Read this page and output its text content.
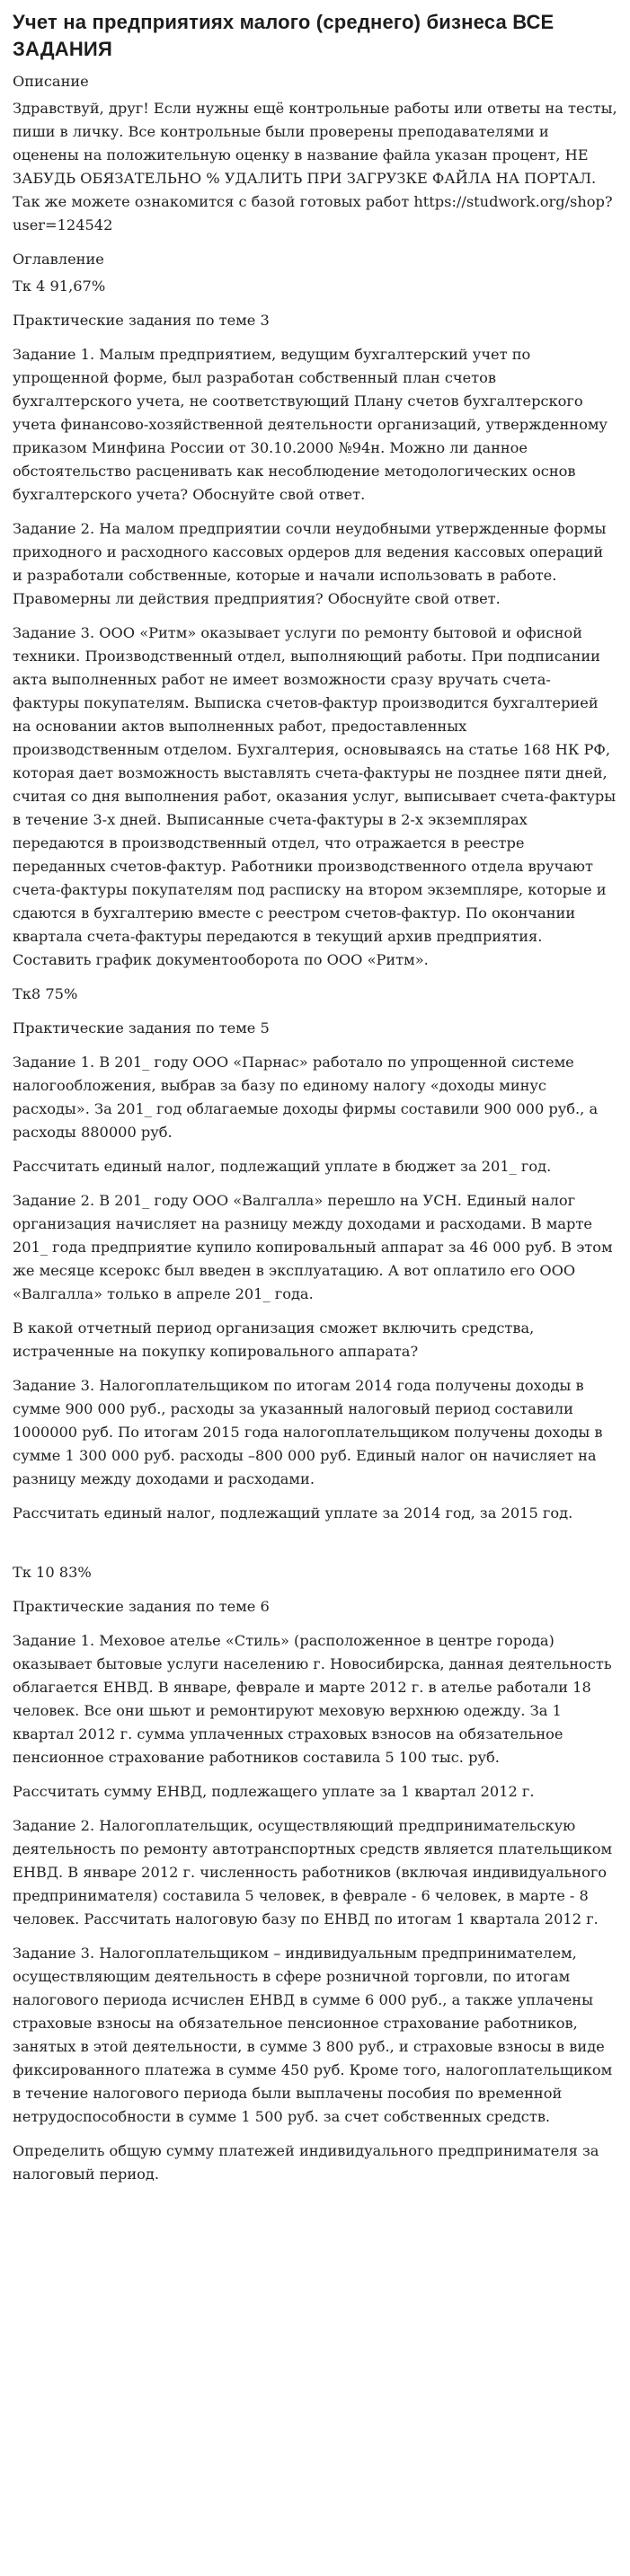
Учет на предприятиях малого (среднего) бизнеса ВСЕ ЗАДАНИЯ
Описание

Здравствуй, друг! Если нужны ещё контрольные работы или ответы на тесты, пиши в личку. Все контрольные были проверены преподавателями и оценены на положительную оценку в название файла указан процент, НЕ ЗАБУДЬ ОБЯЗАТЕЛЬНО % УДАЛИТЬ ПРИ ЗАГРУЗКЕ ФАЙЛА НА ПОРТАЛ. Так же можете ознакомится с базой готовых работ https://studwork.org/shop?user=124542

Оглавление

Тк 4 91,67%

Практические задания по теме 3

Задание 1. Малым предприятием, ведущим бухгалтерский учет по упрощенной форме, был разработан собственный план счетов бухгалтерского учета, не соответствующий Плану счетов бухгалтерского учета финансово-хозяйственной деятельности организаций, утвержденному приказом Минфина России от 30.10.2000 №94н. Можно ли данное обстоятельство расценивать как несоблюдение методологических основ бухгалтерского учета? Обоснуйте свой ответ.

Задание 2. На малом предприятии сочли неудобными утвержденные формы приходного и расходного кассовых ордеров для ведения кассовых операций и разработали собственные, которые и начали использовать в работе. Правомерны ли действия предприятия? Обоснуйте свой ответ.

Задание 3. ООО «Ритм» оказывает услуги по ремонту бытовой и офисной техники. Производственный отдел, выполняющий работы. При подписании акта выполненных работ не имеет возможности сразу вручать счета-фактуры покупателям. Выписка счетов-фактур производится бухгалтерией на основании актов выполненных работ, предоставленных производственным отделом. Бухгалтерия, основываясь на статье 168 НК РФ, которая дает возможность выставлять счета-фактуры не позднее пяти дней, считая со дня выполнения работ, оказания услуг, выписывает счета-фактуры в течение 3-х дней. Выписанные счета-фактуры в 2-х экземплярах передаются в производственный отдел, что отражается в реестре переданных счетов-фактур. Работники производственного отдела вручают счета-фактуры покупателям под расписку на втором экземпляре, которые и сдаются в бухгалтерию вместе с реестром счетов-фактур. По окончании квартала счета-фактуры передаются в текущий архив предприятия. Составить график документооборота по ООО «Ритм».

Тк8 75%

Практические задания по теме 5

Задание 1. В 201_ году ООО «Парнас» работало по упрощенной системе налогообложения, выбрав за базу по единому налогу «доходы минус расходы». За 201_ год облагаемые доходы фирмы составили 900 000 руб., а расходы 880000 руб.

Рассчитать единый налог, подлежащий уплате в бюджет за 201_ год.

Задание 2. В 201_ году ООО «Валгалла» перешло на УСН. Единый налог организация начисляет на разницу между доходами и расходами. В марте 201_ года предприятие купило копировальный аппарат за 46 000 руб. В этом же месяце ксерокс был введен в эксплуатацию. А вот оплатило его ООО «Валгалла» только в апреле 201_ года.

В какой отчетный период организация сможет включить средства, истраченные на покупку копировального аппарата?

Задание 3. Налогоплательщиком по итогам 2014 года получены доходы в сумме 900 000 руб., расходы за указанный налоговый период составили 1000000 руб. По итогам 2015 года налогоплательщиком получены доходы в сумме 1 300 000 руб. расходы –800 000 руб. Единый налог он начисляет на разницу между доходами и расходами.

Рассчитать единый налог, подлежащий уплате за 2014 год, за 2015 год.

Тк 10 83%

Практические задания по теме 6

Задание 1. Меховое ателье «Стиль» (расположенное в центре города) оказывает бытовые услуги населению г. Новосибирска, данная деятельность облагается ЕНВД. В январе, феврале и марте 2012 г. в ателье работали 18 человек. Все они шьют и ремонтируют меховую верхнюю одежду. За 1 квартал 2012 г. сумма уплаченных страховых взносов на обязательное пенсионное страхование работников составила 5 100 тыс. руб.

Рассчитать сумму ЕНВД, подлежащего уплате за 1 квартал 2012 г.

Задание 2. Налогоплательщик, осуществляющий предпринимательскую деятельность по ремонту автотранспортных средств является плательщиком ЕНВД. В январе 2012 г. численность работников (включая индивидуального предпринимателя) составила 5 человек, в феврале - 6 человек, в марте - 8 человек. Рассчитать налоговую базу по ЕНВД по итогам 1 квартала 2012 г.

Задание 3. Налогоплательщиком – индивидуальным предпринимателем, осуществляющим деятельность в сфере розничной торговли, по итогам налогового периода исчислен ЕНВД в сумме 6 000 руб., а также уплачены страховые взносы на обязательное пенсионное страхование работников, занятых в этой деятельности, в сумме 3 800 руб., и страховые взносы в виде фиксированного платежа в сумме 450 руб. Кроме того, налогоплательщиком в течение налогового периода были выплачены пособия по временной нетрудоспособности в сумме 1 500 руб. за счет собственных средств.

Определить общую сумму платежей индивидуального предпринимателя за налоговый период.
